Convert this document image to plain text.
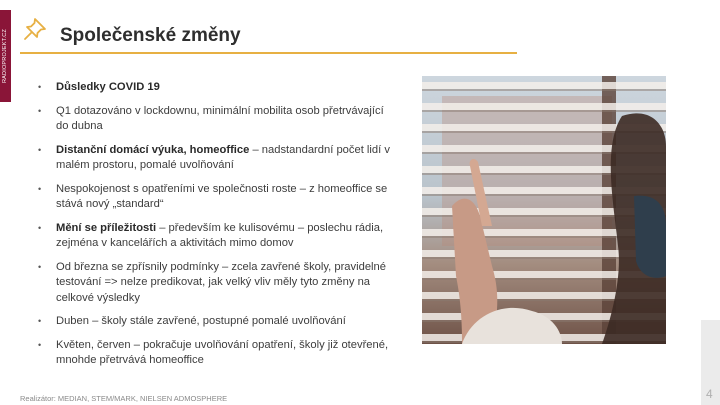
RADIOPROJEKT.CZ	Společenské změny
• Důsledky COVID 19
• Q1 dotazováno v lockdownu, minimální mobilita osob přetrvávající do dubna
• Distanční domácí výuka, homeoffice – nadstandardní počet lidí v malém prostoru, pomalé uvolňování
• Nespokojenost s opatřeními ve společnosti roste – z homeoffice se stává nový „standard“
• Mění se příležitosti – především ke kulisovému – poslechu rádia, zejména v kancelářích a aktivitách mimo domov
• Od března se zpřísnily podmínky – zcela zavřené školy, pravidelné testování => nelze predikovat, jak velký vliv měly tyto změny na celkové výsledky
• Duben – školy stále zavřené, postupné pomalé uvolňování
• Květen, červen – pokračuje uvolňování opatření, školy již otevřené, mnohde přetrvává homeoffice
Realizátor: MEDIAN, STEM/MARK, NIELSEN ADMOSPHERE	4
